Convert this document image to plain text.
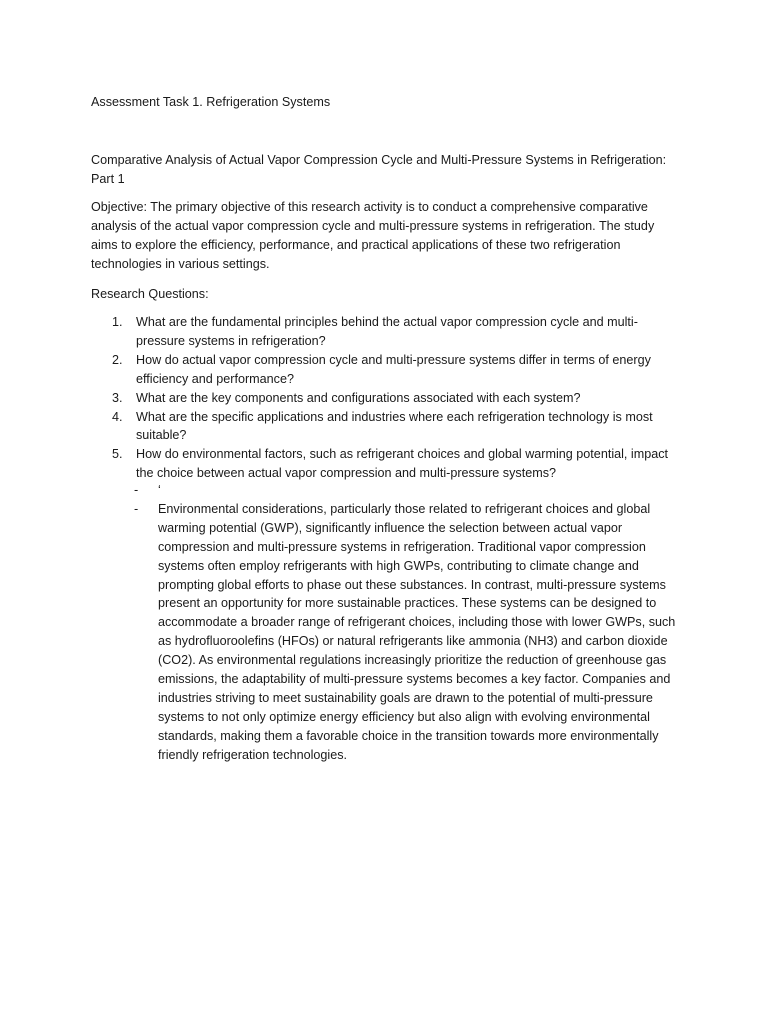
Assessment Task 1. Refrigeration Systems

Comparative Analysis of Actual Vapor Compression Cycle and Multi-Pressure Systems in Refrigeration: Part 1

Objective: The primary objective of this research activity is to conduct a comprehensive comparative analysis of the actual vapor compression cycle and multi-pressure systems in refrigeration. The study aims to explore the efficiency, performance, and practical applications of these two refrigeration technologies in various settings.

Research Questions:

1. What are the fundamental principles behind the actual vapor compression cycle and multi-pressure systems in refrigeration?
2. How do actual vapor compression cycle and multi-pressure systems differ in terms of energy efficiency and performance?
3. What are the key components and configurations associated with each system?
4. What are the specific applications and industries where each refrigeration technology is most suitable?
5. How do environmental factors, such as refrigerant choices and global warming potential, impact the choice between actual vapor compression and multi-pressure systems?
- ‘
- Environmental considerations, particularly those related to refrigerant choices and global warming potential (GWP), significantly influence the selection between actual vapor compression and multi-pressure systems in refrigeration. Traditional vapor compression systems often employ refrigerants with high GWPs, contributing to climate change and prompting global efforts to phase out these substances. In contrast, multi-pressure systems present an opportunity for more sustainable practices. These systems can be designed to accommodate a broader range of refrigerant choices, including those with lower GWPs, such as hydrofluoroolefins (HFOs) or natural refrigerants like ammonia (NH3) and carbon dioxide (CO2). As environmental regulations increasingly prioritize the reduction of greenhouse gas emissions, the adaptability of multi-pressure systems becomes a key factor. Companies and industries striving to meet sustainability goals are drawn to the potential of multi-pressure systems to not only optimize energy efficiency but also align with evolving environmental standards, making them a favorable choice in the transition towards more environmentally friendly refrigeration technologies.
